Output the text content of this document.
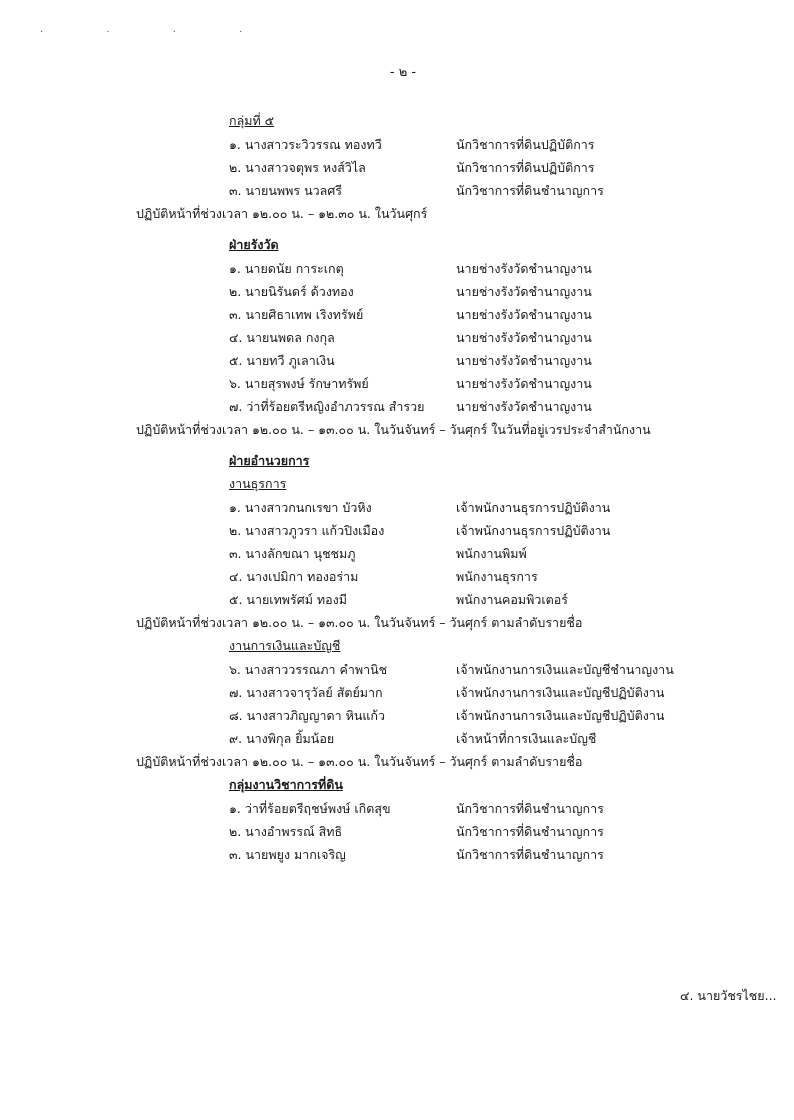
· · · ·
- ๒ -
กลุ่มที่ ๕
๑. นางสาวระวิวรรณ ทองทวี	นักวิชาการที่ดินปฏิบัติการ
๒. นางสาวจตุพร หงส์วิไล	นักวิชาการที่ดินปฏิบัติการ
๓. นายนพพร นวลศรี	นักวิชาการที่ดินชำนาญการ
ปฏิบัติหน้าที่ช่วงเวลา ๑๒.๐๐ น. – ๑๒.๓๐ น. ในวันศุกร์
ฝ่ายรังวัด
๑. นายดนัย การะเกตุ	นายช่างรังวัดชำนาญงาน
๒. นายนิรันดร์ ด้วงทอง	นายช่างรังวัดชำนาญงาน
๓. นายศิธาเทพ เริงทรัพย์	นายช่างรังวัดชำนาญงาน
๔. นายนพดล กงกุล	นายช่างรังวัดชำนาญงาน
๕. นายทวี ภูเลาเงิน	นายช่างรังวัดชำนาญงาน
๖. นายสุรพงษ์ รักษาทรัพย์	นายช่างรังวัดชำนาญงาน
๗. ว่าที่ร้อยตรีหญิงอำภวรรณ สำรวย	นายช่างรังวัดชำนาญงาน
ปฏิบัติหน้าที่ช่วงเวลา ๑๒.๐๐ น. – ๑๓.๐๐ น. ในวันจันทร์ – วันศุกร์ ในวันที่อยู่เวรประจำสำนักงาน
ฝ่ายอำนวยการ
งานธุรการ
๑. นางสาวกนกเรขา บัวหิง	เจ้าพนักงานธุรการปฏิบัติงาน
๒. นางสาวภูวรา แก้วปิงเมือง	เจ้าพนักงานธุรการปฏิบัติงาน
๓. นางลักขณา นุชชมภู	พนักงานพิมพ์
๔. นางเปมิกา ทองอร่าม	พนักงานธุรการ
๕. นายเทพรัศม์ ทองมี	พนักงานคอมพิวเตอร์
ปฏิบัติหน้าที่ช่วงเวลา ๑๒.๐๐ น. – ๑๓.๐๐ น. ในวันจันทร์ – วันศุกร์ ตามลำดับรายชื่อ
งานการเงินและบัญชี
๖. นางสาววรรณภา คำพานิช	เจ้าพนักงานการเงินและบัญชีชำนาญงาน
๗. นางสาวจารุวัลย์ สัตย์มาก	เจ้าพนักงานการเงินและบัญชีปฏิบัติงาน
๘. นางสาวภิญญาดา หินแก้ว	เจ้าพนักงานการเงินและบัญชีปฏิบัติงาน
๙. นางพิกุล ยิ้มน้อย	เจ้าหน้าที่การเงินและบัญชี
ปฏิบัติหน้าที่ช่วงเวลา ๑๒.๐๐ น. – ๑๓.๐๐ น. ในวันจันทร์ – วันศุกร์ ตามลำดับรายชื่อ
กลุ่มงานวิชาการที่ดิน
๑. ว่าที่ร้อยตรีฤชษ์พงษ์ เกิดสุข	นักวิชาการที่ดินชำนาญการ
๒. นางอำพรรณ์ สิทธิ	นักวิชาการที่ดินชำนาญการ
๓. นายพยูง มากเจริญ	นักวิชาการที่ดินชำนาญการ
๔. นายวัชรไชย...
